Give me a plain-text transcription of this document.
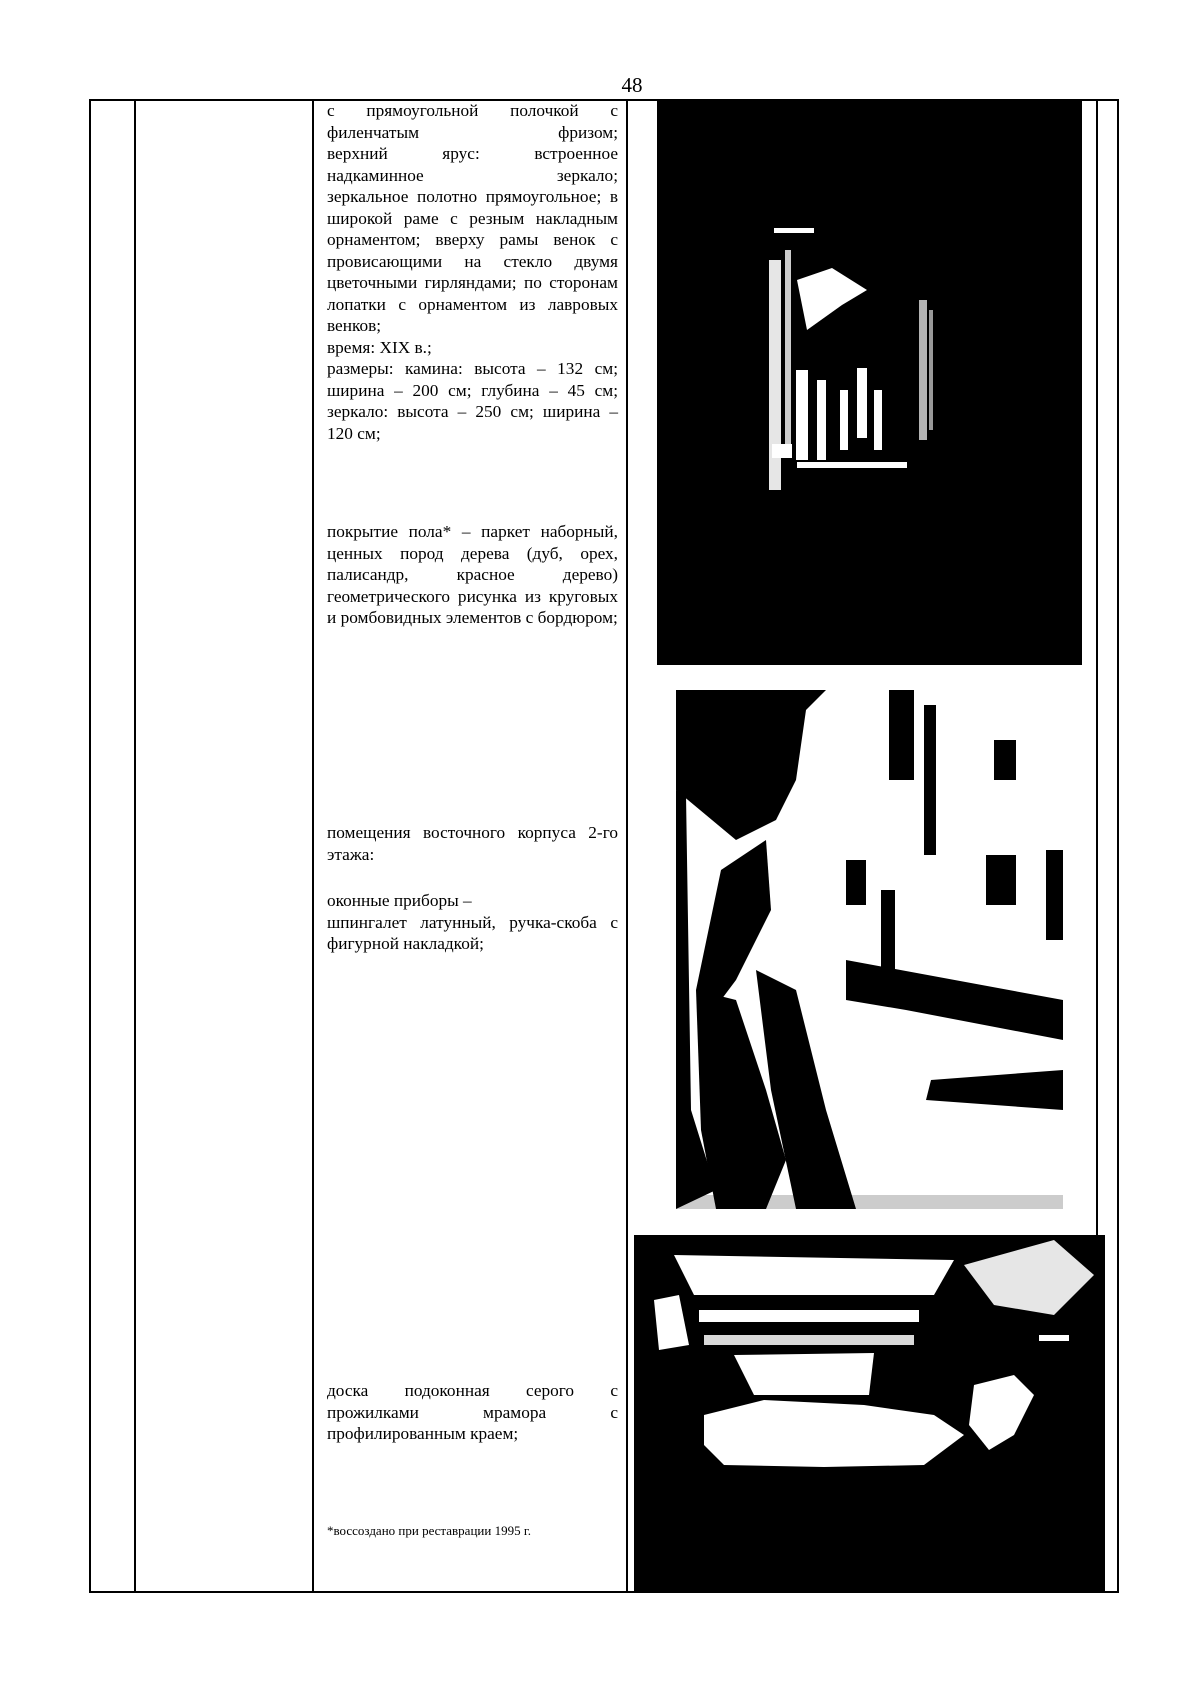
48

с прямоугольной полочкой с филенчатым фризом;

верхний ярус: встроенное надкаминное зеркало;

зеркальное полотно прямоугольное; в широкой раме с резным накладным орнаментом; вверху рамы венок с провисающими на стекло двумя цветочными гирляндами; по сторонам лопатки с орнаментом из лавровых венков;

время: XIX в.;

размеры: камина: высота – 132 см; ширина – 200 см; глубина – 45 см; зеркало: высота – 250 см; ширина – 120 см;

покрытие пола* – паркет наборный, ценных пород дерева (дуб, орех, палисандр, красное дерево) геометрического рисунка из круговых и ромбовидных элементов с бордюром;

помещения восточного корпуса 2-го этажа:

оконные приборы –

шпингалет латунный, ручка-скоба с фигурной накладкой;

доска подоконная серого с прожилками мрамора с профилированным краем;

*воссоздано при реставрации 1995 г.
